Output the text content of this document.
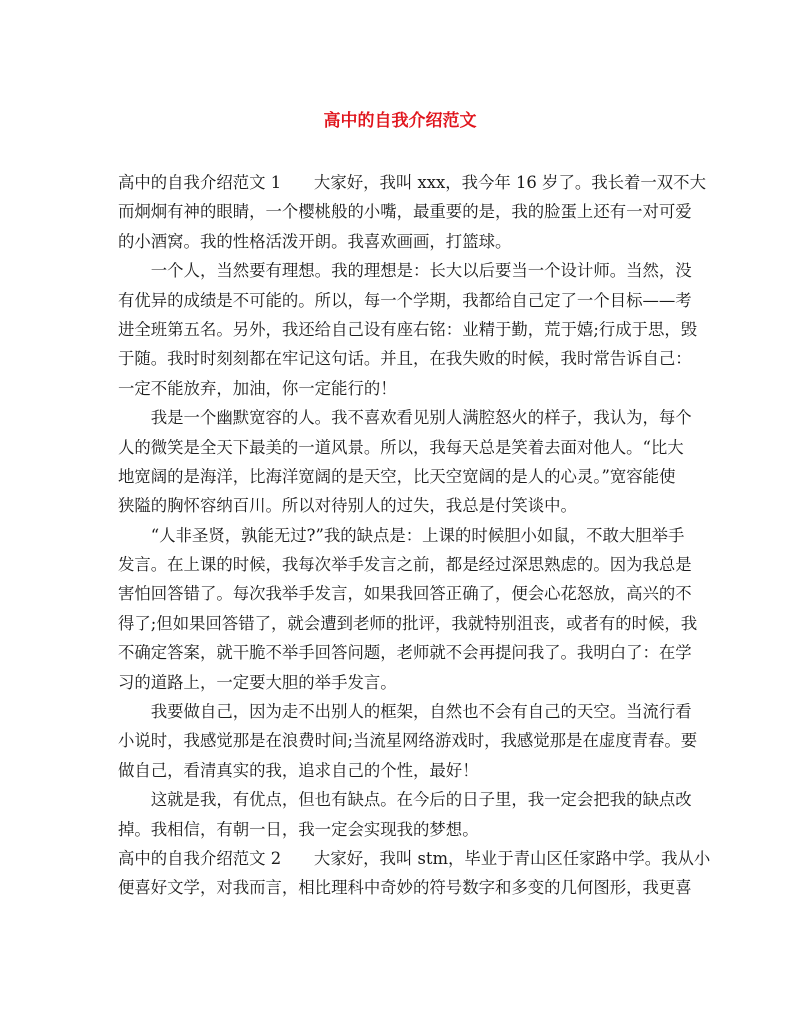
高中的自我介绍范文
高中的自我介绍范文 1　　大家好，我叫 xxx，我今年 16 岁了。我长着一双不大
而炯炯有神的眼睛，一个樱桃般的小嘴，最重要的是，我的脸蛋上还有一对可爱
的小酒窝。我的性格活泼开朗。我喜欢画画，打篮球。
　　一个人，当然要有理想。我的理想是：长大以后要当一个设计师。当然，没
有优异的成绩是不可能的。所以，每一个学期，我都给自己定了一个目标——考
进全班第五名。另外，我还给自己设有座右铭：业精于勤，荒于嬉;行成于思，毁
于随。我时时刻刻都在牢记这句话。并且，在我失败的时候，我时常告诉自己：
一定不能放弃，加油，你一定能行的！
　　我是一个幽默宽容的人。我不喜欢看见别人满腔怒火的样子，我认为，每个
人的微笑是全天下最美的一道风景。所以，我每天总是笑着去面对他人。“比大
地宽阔的是海洋，比海洋宽阔的是天空，比天空宽阔的是人的心灵。”宽容能使
狭隘的胸怀容纳百川。所以对待别人的过失，我总是付笑谈中。
　　“人非圣贤，孰能无过?”我的缺点是：上课的时候胆小如鼠，不敢大胆举手
发言。在上课的时候，我每次举手发言之前，都是经过深思熟虑的。因为我总是
害怕回答错了。每次我举手发言，如果我回答正确了，便会心花怒放，高兴的不
得了;但如果回答错了，就会遭到老师的批评，我就特别沮丧，或者有的时候，我
不确定答案，就干脆不举手回答问题，老师就不会再提问我了。我明白了：在学
习的道路上，一定要大胆的举手发言。
　　我要做自己，因为走不出别人的框架，自然也不会有自己的天空。当流行看
小说时，我感觉那是在浪费时间;当流星网络游戏时，我感觉那是在虚度青春。要
做自己，看清真实的我，追求自己的个性，最好！
　　这就是我，有优点，但也有缺点。在今后的日子里，我一定会把我的缺点改
掉。我相信，有朝一日，我一定会实现我的梦想。
高中的自我介绍范文 2　　大家好，我叫 stm，毕业于青山区任家路中学。我从小
便喜好文学，对我而言，相比理科中奇妙的符号数字和多变的几何图形，我更喜
